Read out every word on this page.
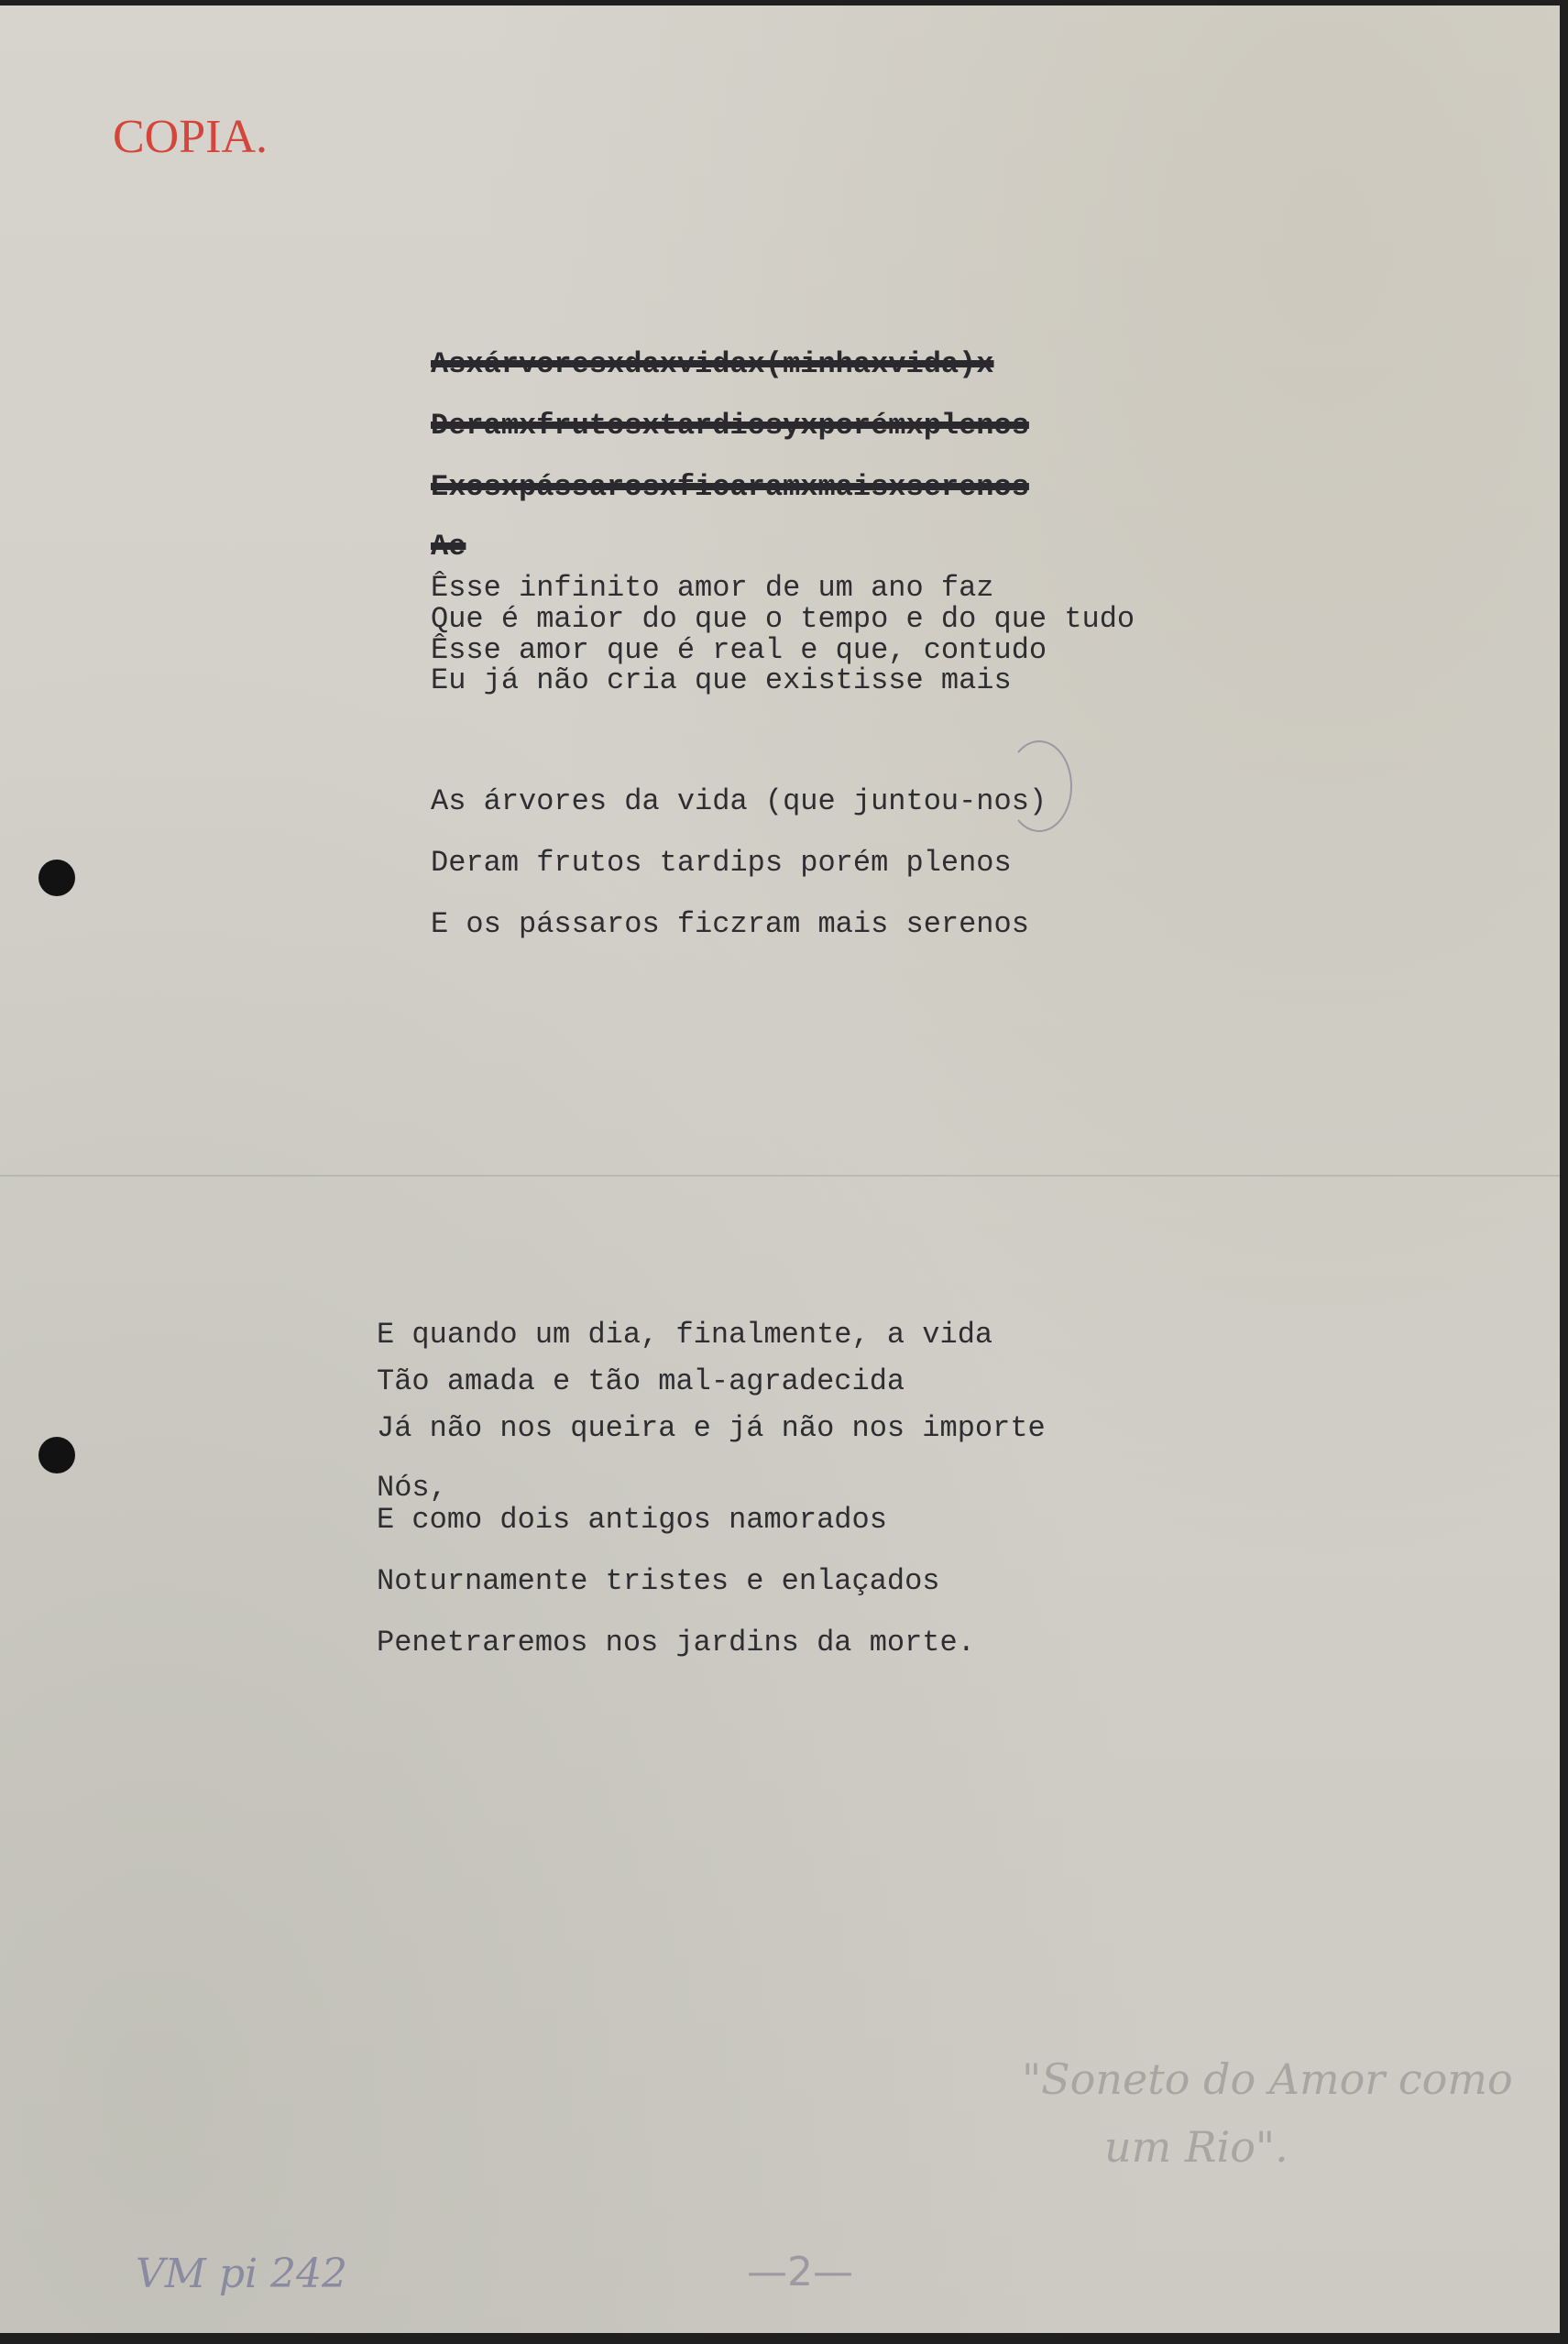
COPIA.
Asxárvoresxdaxvidax(minhaxvida)x
Deramxfrutosxtardiosyxporémxplenos
Exosxpássarosxficaramxmaisxserenos
Ae
Êsse infinito amor de um ano faz
Que é maior do que o tempo e do que tudo
Êsse amor que é real e que, contudo
Eu já não cria que existisse mais
As árvores da vida (que juntou-nos)
Deram frutos tardips porém plenos
E os pássaros ficzram mais serenos
E quando um dia, finalmente, a vida
Tão amada e tão mal-agradecida
Já não nos queira e já não nos importe
Nós,
E como dois antigos namorados
Noturnamente tristes e enlaçados
Penetraremos nos jardins da morte.
"Soneto do Amor como
um Rio".
VM pi 242	—2—
